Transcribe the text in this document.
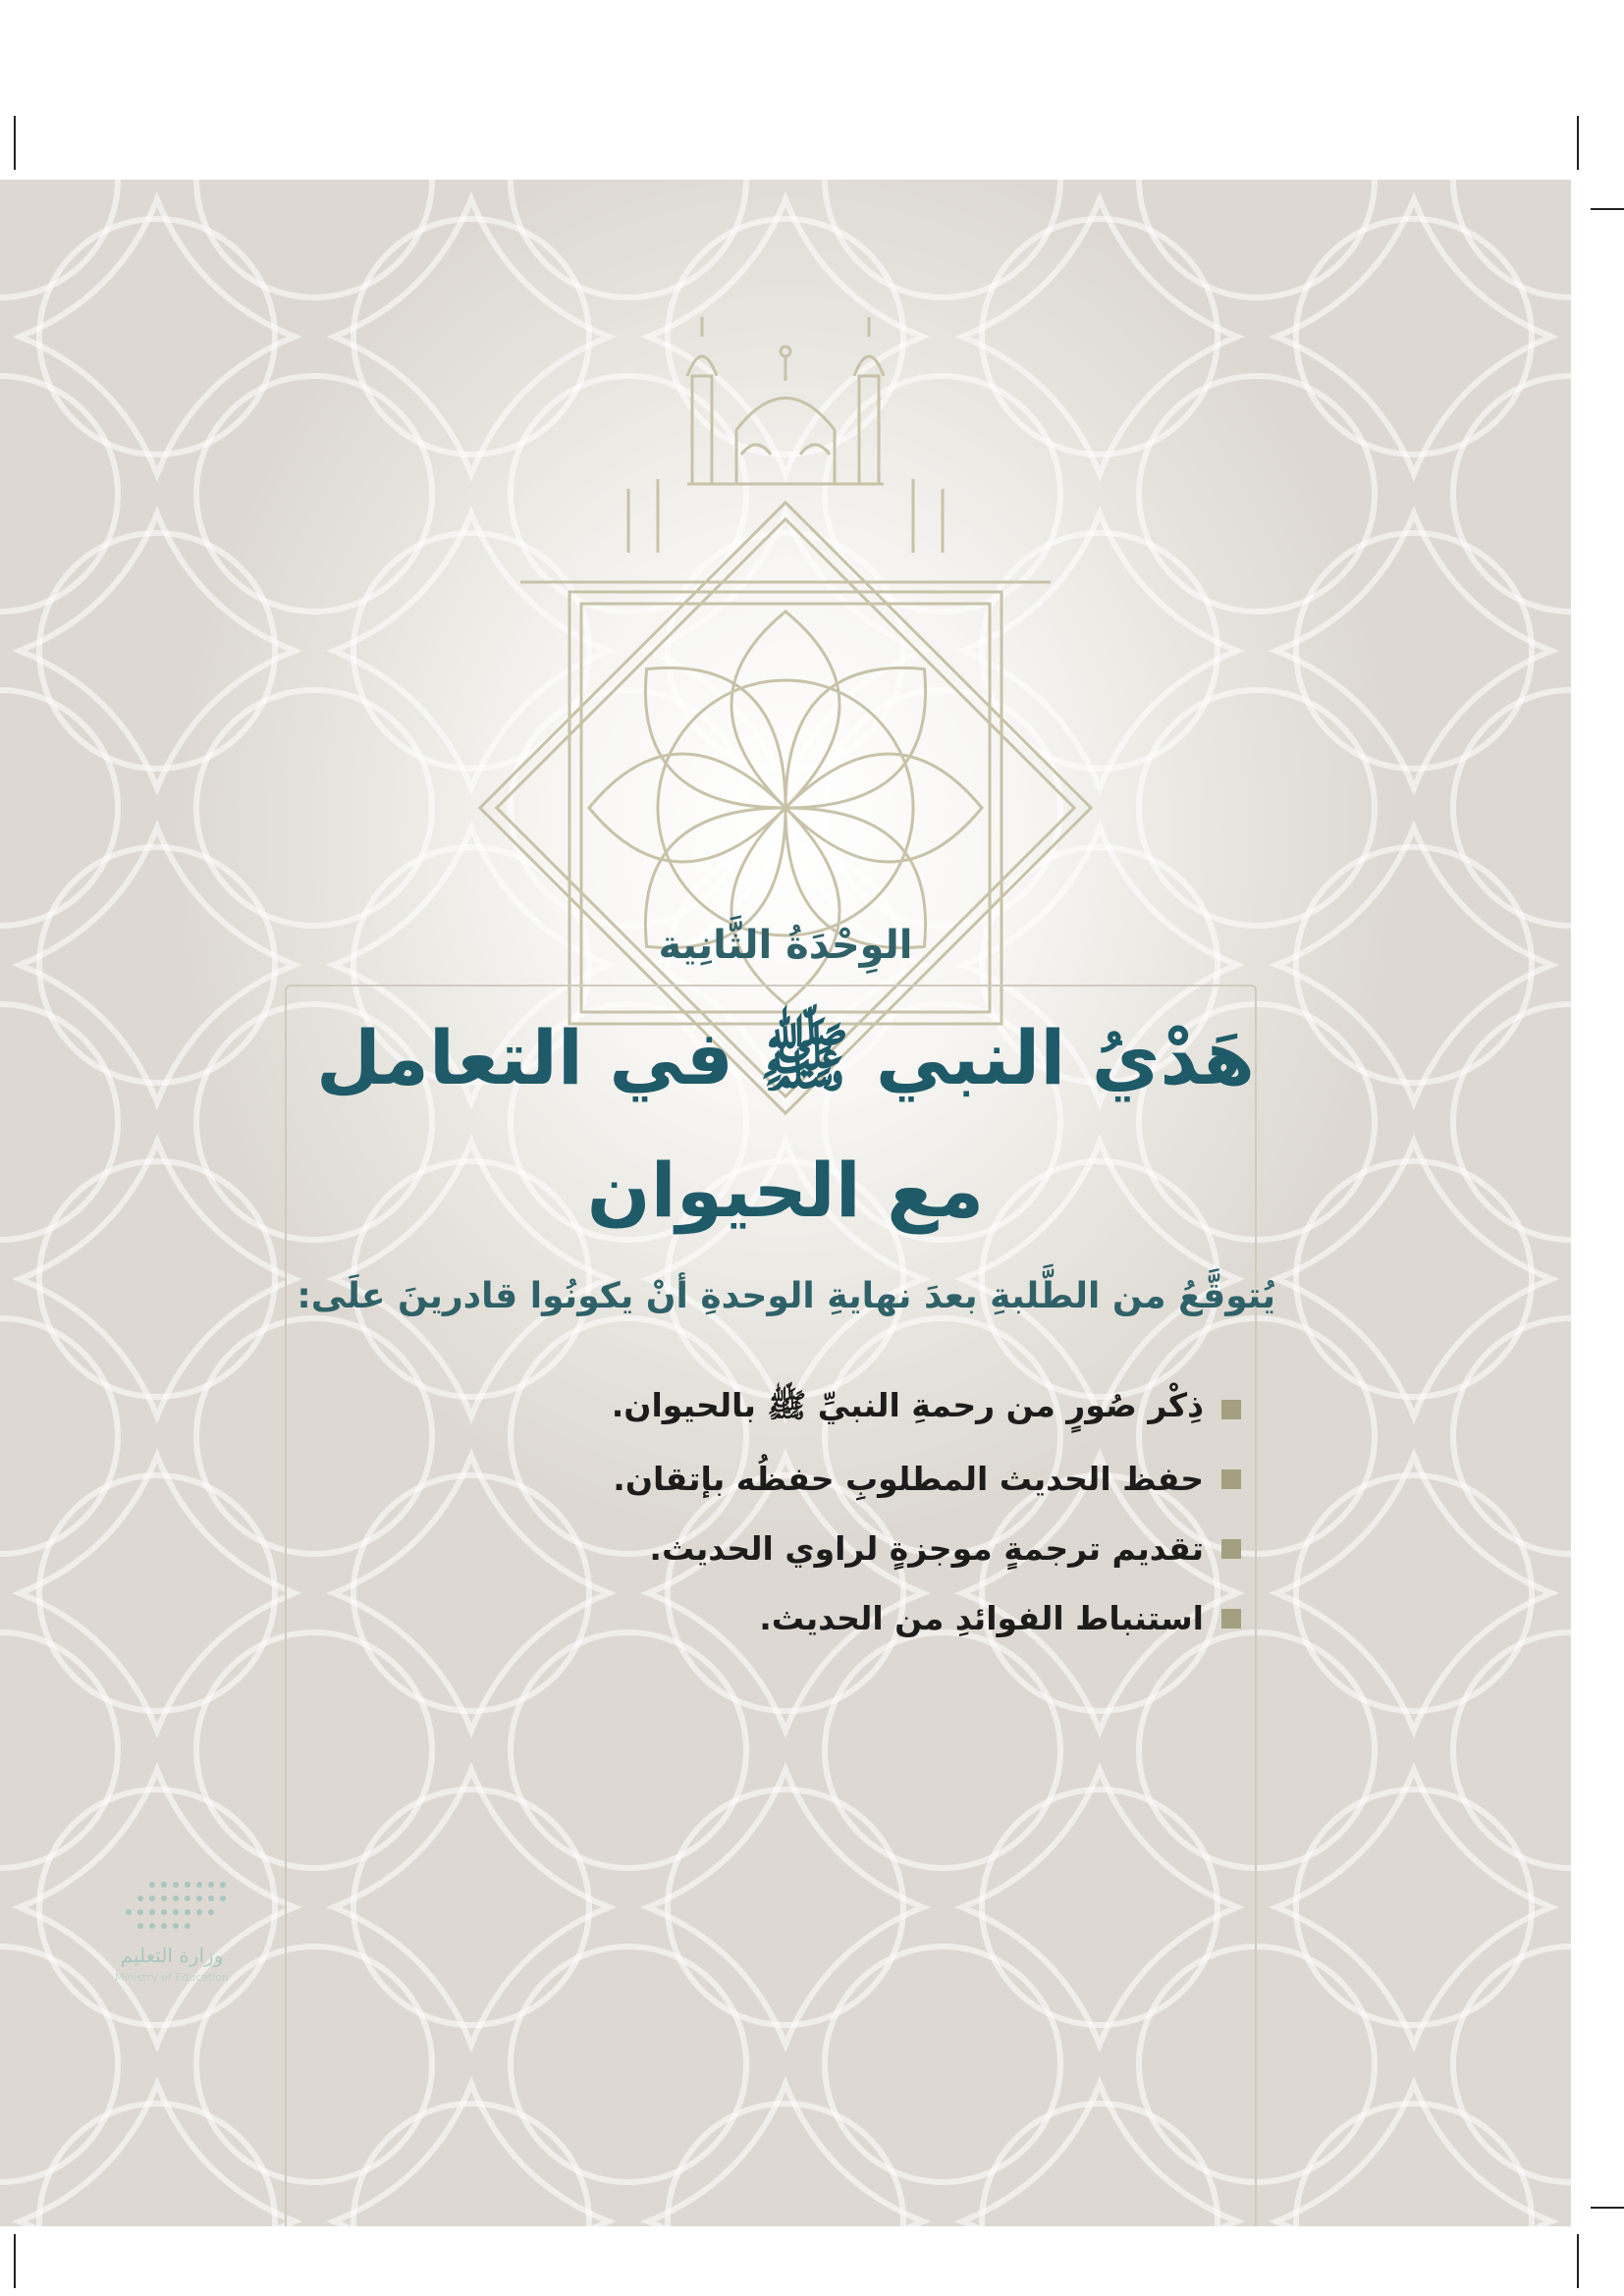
وزارة التعليم
Ministry of Education
الوِحْدَةُ الثَّانِية
هَدْيُ النبي ﷺ في التعامل
مع الحيوان
يُتوقَّعُ من الطَّلبةِ بعدَ نهايةِ الوحدةِ أنْ يكونُوا قادرينَ علَى:
ذِكْر صُورٍ من رحمةِ النبيِّ ﷺ بالحيوان.
حفظ الحديث المطلوبِ حفظُه بإتقان.
تقديم ترجمةٍ موجزةٍ لراوي الحديث.
استنباط الفوائدِ من الحديث.
